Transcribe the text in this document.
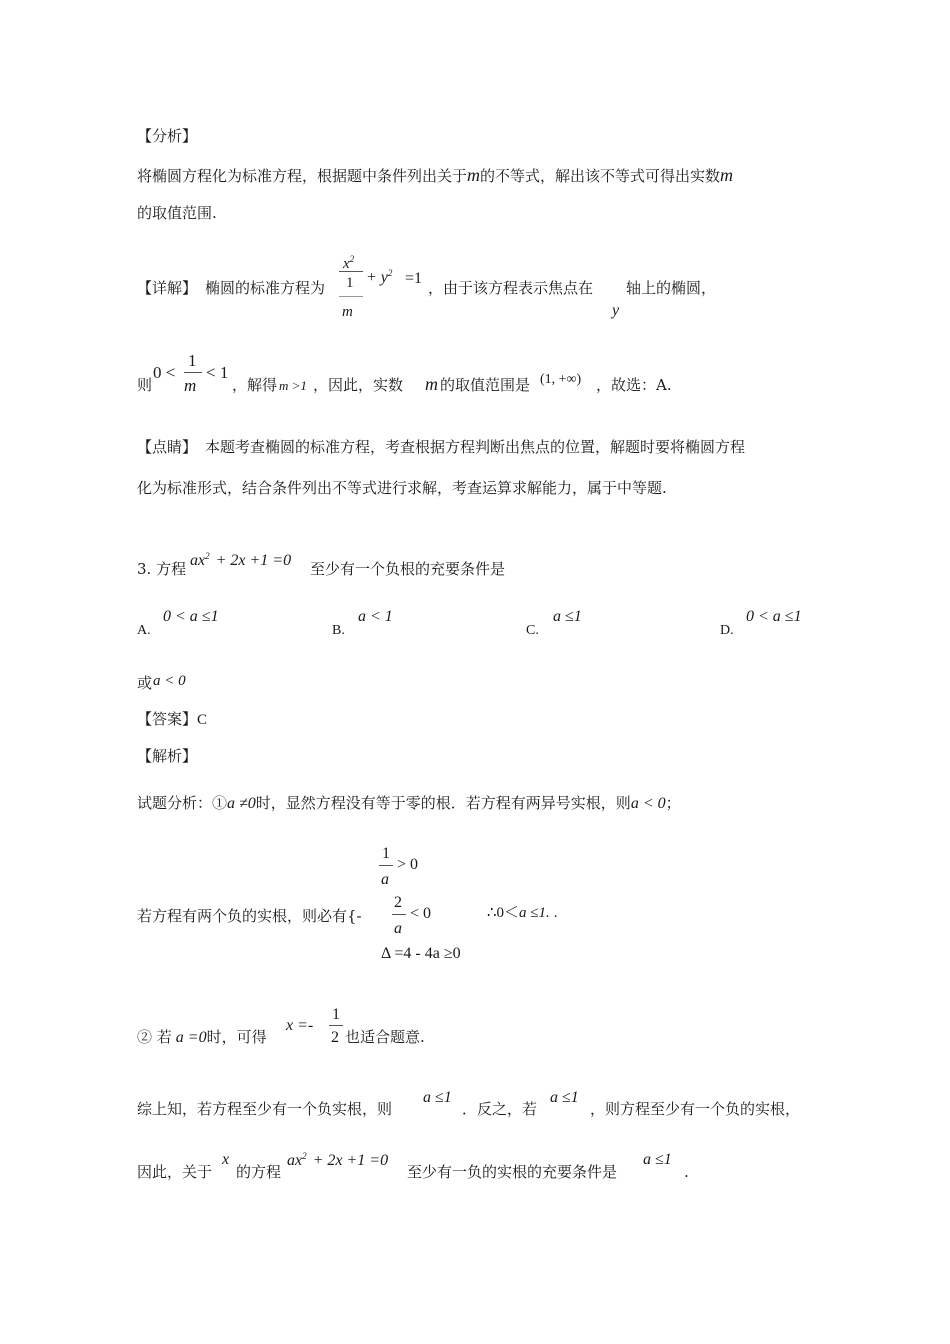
【分析】
将椭圆方程化为标准方程，根据题中条件列出关于m的不等式，解出该不等式可得出实数m
的取值范围.
【详解】 椭圆的标准方程为
$x^2$
1
m
+ $y^2 =1$
，由于该方程表示焦点在
y
轴上的椭圆，
则
0 <
1
m
< 1
，解得 m >1 ，因此，实数 m 的取值范围是 (1, +∞) ，故选：A.
【点睛】 本题考查椭圆的标准方程，考查根据方程判断出焦点的位置，解题时要将椭圆方程
化为标准形式，结合条件列出不等式进行求解，考查运算求解能力，属于中等题.
3. 方程 $ax^2 + 2x +1 =0$ 至少有一个负根的充要条件是
A.
0 < a ≤1
B.
a < 1
C.
a ≤1
D.
0 < a ≤1
或 a < 0
【答案】C
【解析】
试题分析：①a ≠0时，显然方程没有等于零的根．若方程有两异号实根，则a < 0；
1
a
> 0
若方程有两个负的实根，则必有{-
2
a
< 0	∴0＜a ≤1. .
Δ =4 - 4a ≥0
② 若 a =0时，可得
x =-
1
2 也适合题意.
综上知，若方程至少有一个负实根，则
a ≤1
．反之，若
a ≤1
，则方程至少有一个负的实根，
因此，关于
x
的方程
$ax^2 + 2x +1 =0$
至少有一负的实根的充要条件是
a ≤1
.
